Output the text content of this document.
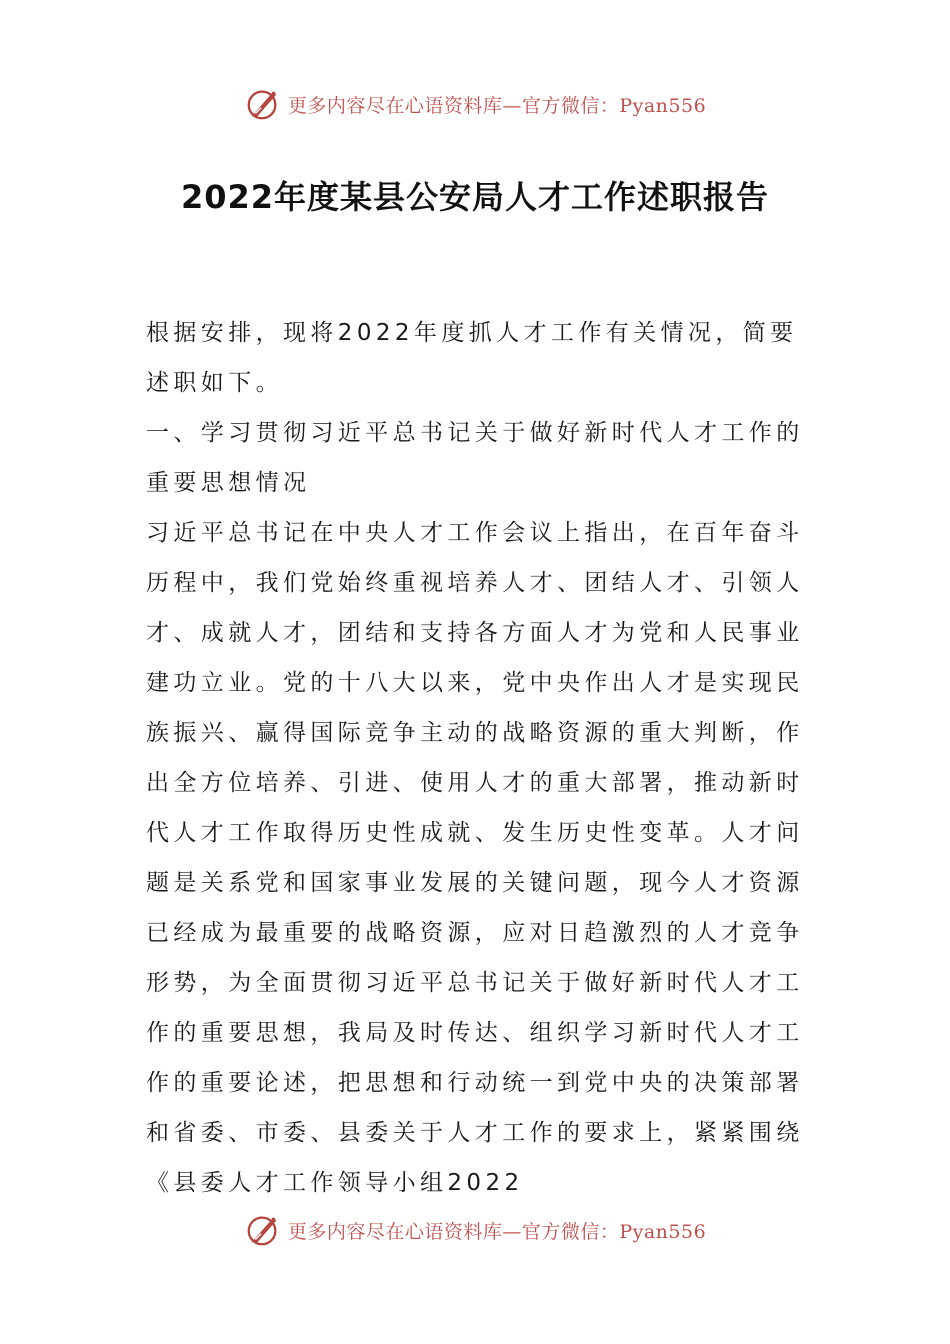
更多内容尽在心语资料库—官方微信：Pyan556
2022年度某县公安局人才工作述职报告

根据安排，现将2022年度抓人才工作有关情况，简要述职如下。

一、学习贯彻习近平总书记关于做好新时代人才工作的重要思想情况

习近平总书记在中央人才工作会议上指出，在百年奋斗历程中，我们党始终重视培养人才、团结人才、引领人才、成就人才，团结和支持各方面人才为党和人民事业建功立业。党的十八大以来，党中央作出人才是实现民族振兴、赢得国际竞争主动的战略资源的重大判断，作出全方位培养、引进、使用人才的重大部署，推动新时代人才工作取得历史性成就、发生历史性变革。人才问题是关系党和国家事业发展的关键问题，现今人才资源已经成为最重要的战略资源，应对日趋激烈的人才竞争形势，为全面贯彻习近平总书记关于做好新时代人才工作的重要思想，我局及时传达、组织学习新时代人才工作的重要论述，把思想和行动统一到党中央的决策部署和省委、市委、县委关于人才工作的要求上，紧紧围绕《县委人才工作领导小组2022

更多内容尽在心语资料库—官方微信：Pyan556
